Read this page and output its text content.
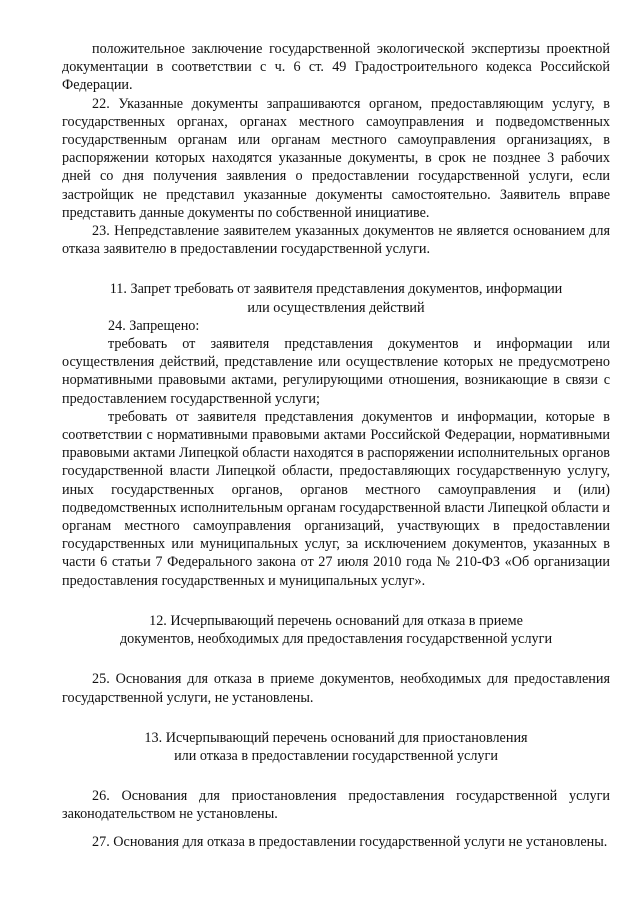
положительное заключение государственной экологической экспертизы проектной документации в соответствии с ч. 6 ст. 49 Градостроительного кодекса Российской Федерации.

22. Указанные документы запрашиваются органом, предоставляющим услугу, в государственных органах, органах местного самоуправления и подведомственных государственным органам или органам местного самоуправления организациях, в распоряжении которых находятся указанные документы, в срок не позднее 3 рабочих дней со дня получения заявления о предоставлении государственной услуги, если застройщик не представил указанные документы самостоятельно. Заявитель вправе представить данные документы по собственной инициативе.

23. Непредставление заявителем указанных документов не является основанием для отказа заявителю в предоставлении государственной услуги.

11. Запрет требовать от заявителя представления документов, информации

или осуществления действий

24. Запрещено:

требовать от заявителя представления документов и информации или осуществления действий, представление или осуществление которых не предусмотрено нормативными правовыми актами, регулирующими отношения, возникающие в связи с предоставлением государственной услуги;

требовать от заявителя представления документов и информации, которые в соответствии с нормативными правовыми актами Российской Федерации, нормативными правовыми актами Липецкой области находятся в распоряжении исполнительных органов государственной власти Липецкой области, предоставляющих государственную услугу, иных государственных органов, органов местного самоуправления и (или) подведомственных исполнительным органам государственной власти Липецкой области и органам местного самоуправления организаций, участвующих в предоставлении государственных или муниципальных услуг, за исключением документов, указанных в части 6 статьи 7 Федерального закона от 27 июля 2010 года № 210-ФЗ «Об организации предоставления государственных и муниципальных услуг».

12. Исчерпывающий перечень оснований для отказа в приеме

документов, необходимых для предоставления государственной услуги

25. Основания для отказа в приеме документов, необходимых для предоставления государственной услуги, не установлены.

13. Исчерпывающий перечень оснований для приостановления

или отказа в предоставлении государственной услуги

26. Основания для приостановления предоставления государственной услуги законодательством не установлены.

27. Основания для отказа в предоставлении государственной услуги не установлены.
